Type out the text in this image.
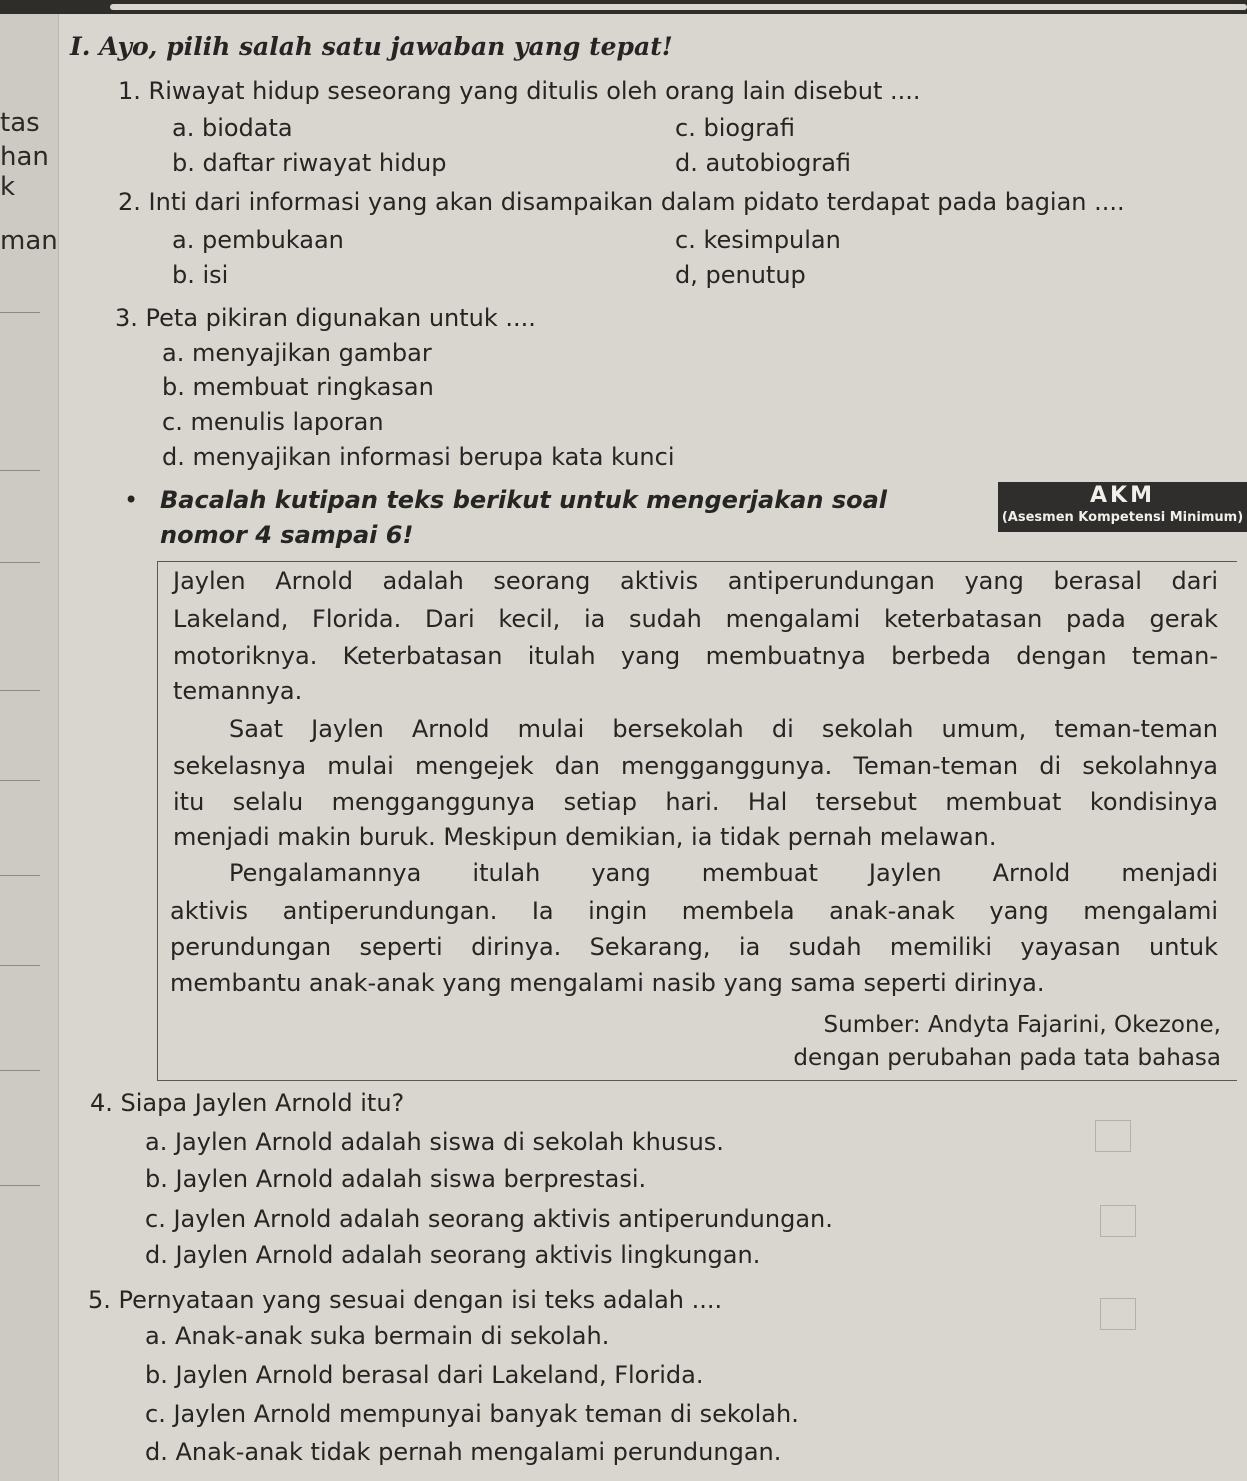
tas
han
k
man
I. Ayo, pilih salah satu jawaban yang tepat!
1. Riwayat hidup seseorang yang ditulis oleh orang lain disebut ....
a. biodata
b. daftar riwayat hidup
c. biografi
d. autobiografi
2. Inti dari informasi yang akan disampaikan dalam pidato terdapat pada bagian ....
a. pembukaan
b. isi
c. kesimpulan
d, penutup
3. Peta pikiran digunakan untuk ....
a. menyajikan gambar
b. membuat ringkasan
c. menulis laporan
d. menyajikan informasi berupa kata kunci
• Bacalah kutipan teks berikut untuk mengerjakan soal
nomor 4 sampai 6!
AKM
(Asesmen Kompetensi Minimum)
Jaylen Arnold adalah seorang aktivis antiperundungan yang berasal dari
Lakeland, Florida. Dari kecil, ia sudah mengalami keterbatasan pada gerak
motoriknya. Keterbatasan itulah yang membuatnya berbeda dengan teman-
temannya.
Saat Jaylen Arnold mulai bersekolah di sekolah umum, teman-teman
sekelasnya mulai mengejek dan mengganggunya. Teman-teman di sekolahnya
itu selalu mengganggunya setiap hari. Hal tersebut membuat kondisinya
menjadi makin buruk. Meskipun demikian, ia tidak pernah melawan.
Pengalamannya itulah yang membuat Jaylen Arnold menjadi
aktivis antiperundungan. Ia ingin membela anak-anak yang mengalami
perundungan seperti dirinya. Sekarang, ia sudah memiliki yayasan untuk
membantu anak-anak yang mengalami nasib yang sama seperti dirinya.
Sumber: Andyta Fajarini, Okezone,
dengan perubahan pada tata bahasa
4. Siapa Jaylen Arnold itu?
a. Jaylen Arnold adalah siswa di sekolah khusus.
b. Jaylen Arnold adalah siswa berprestasi.
c. Jaylen Arnold adalah seorang aktivis antiperundungan.
d. Jaylen Arnold adalah seorang aktivis lingkungan.
5. Pernyataan yang sesuai dengan isi teks adalah ....
a. Anak-anak suka bermain di sekolah.
b. Jaylen Arnold berasal dari Lakeland, Florida.
c. Jaylen Arnold mempunyai banyak teman di sekolah.
d. Anak-anak tidak pernah mengalami perundungan.
